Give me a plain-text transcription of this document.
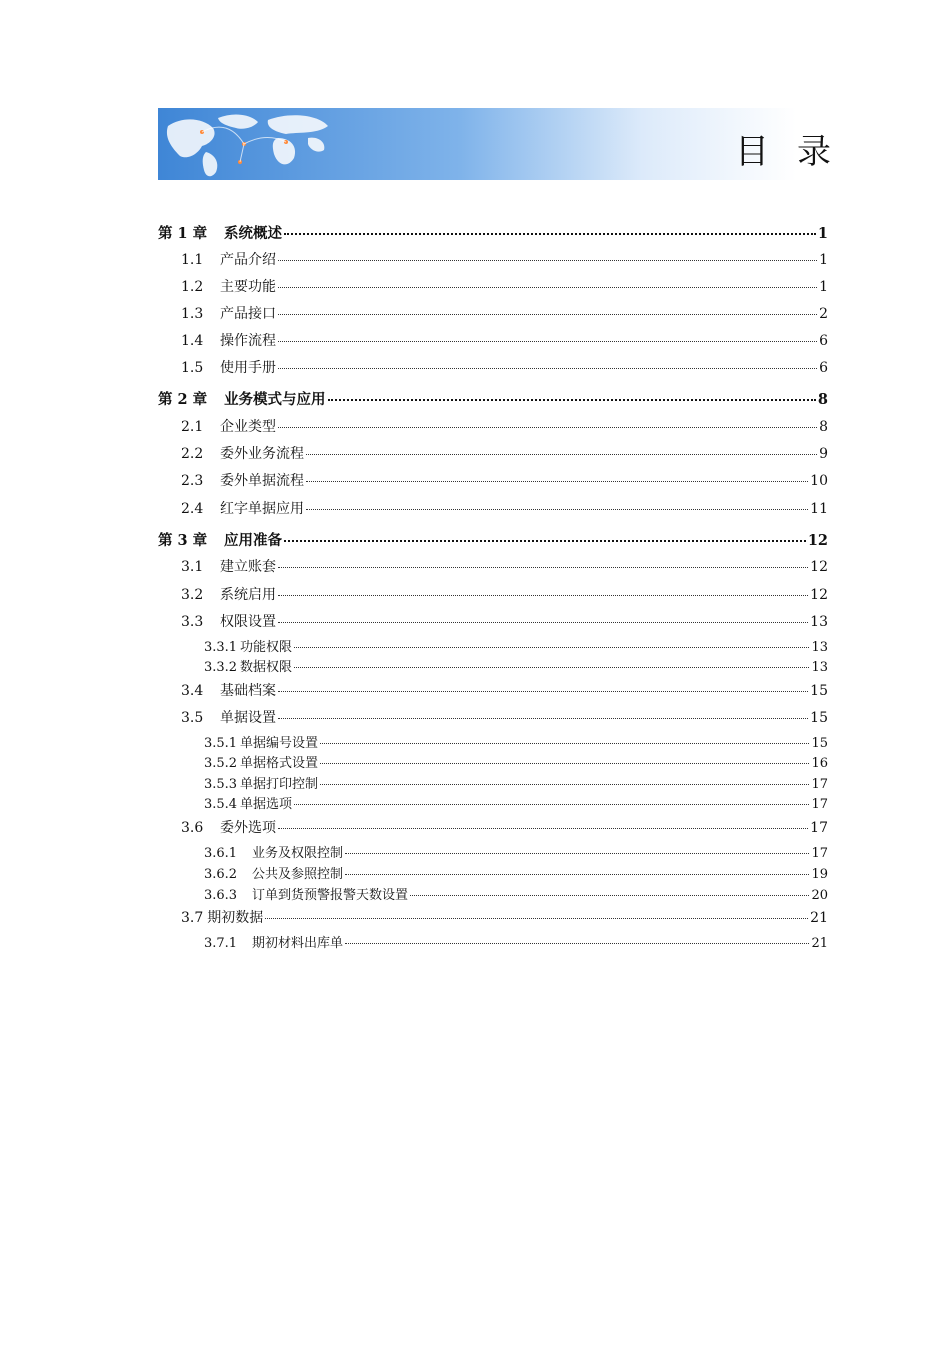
目 录
第 1 章	系统概述	1
1.1	产品介绍	1
1.2	主要功能	1
1.3	产品接口	2
1.4	操作流程	6
1.5	使用手册	6
第 2 章	业务模式与应用	8
2.1	企业类型	8
2.2	委外业务流程	9
2.3	委外单据流程	10
2.4	红字单据应用	11
第 3 章	应用准备	12
3.1	建立账套	12
3.2	系统启用	12
3.3	权限设置	13
3.3.1 功能权限	13
3.3.2 数据权限	13
3.4	基础档案	15
3.5	单据设置	15
3.5.1 单据编号设置	15
3.5.2 单据格式设置	16
3.5.3 单据打印控制	17
3.5.4 单据选项	17
3.6	委外选项	17
3.6.1	业务及权限控制	17
3.6.2	公共及参照控制	19
3.6.3	订单到货预警报警天数设置	20
3.7 期初数据	21
3.7.1	期初材料出库单	21
